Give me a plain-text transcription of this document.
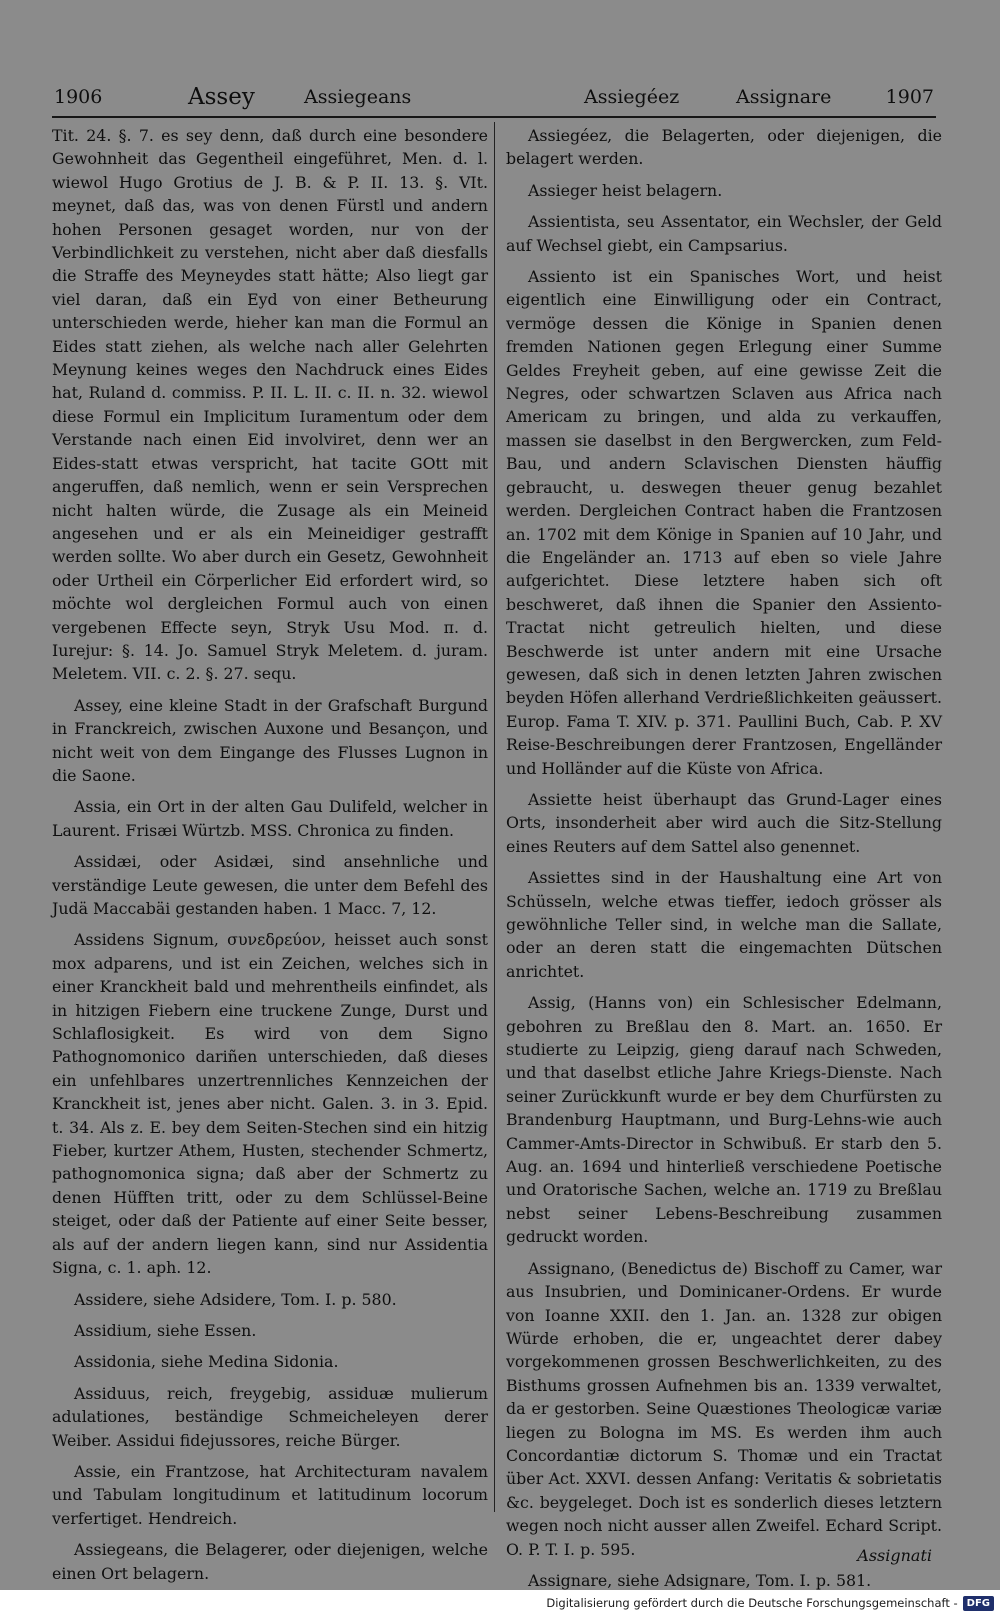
1906	Assey	Assiegeans	Assiegéez	Assignare	1907

Tit. 24. §. 7. es sey denn, daß durch eine besondere Gewohnheit das Gegentheil eingeführet, Men. d. l. wiewol Hugo Grotius de J. B. & P. II. 13. §. VIt. meynet, daß das, was von denen Fürstl und andern hohen Personen gesaget worden, nur von der Verbindlichkeit zu verstehen, nicht aber daß diesfalls die Straffe des Meyneydes statt hätte; Also liegt gar viel daran, daß ein Eyd von einer Betheurung unterschieden werde, hieher kan man die Formul an Eides statt ziehen, als welche nach aller Gelehrten Meynung keines weges den Nachdruck eines Eides hat, Ruland d. commiss. P. II. L. II. c. II. n. 32. wiewol diese Formul ein Implicitum Iuramentum oder dem Verstande nach einen Eid involviret, denn wer an Eides-statt etwas verspricht, hat tacite GOtt mit angeruffen, daß nemlich, wenn er sein Versprechen nicht halten würde, die Zusage als ein Meineid angesehen und er als ein Meineidiger gestrafft werden sollte. Wo aber durch ein Gesetz, Gewohnheit oder Urtheil ein Cörperlicher Eid erfordert wird, so möchte wol dergleichen Formul auch von einen vergebenen Effecte seyn, Stryk Usu Mod. π. d. Iurejur: §. 14. Jo. Samuel Stryk Meletem. d. juram. Meletem. VII. c. 2. §. 27. sequ.

Assey, eine kleine Stadt in der Grafschaft Burgund in Franckreich, zwischen Auxone und Besançon, und nicht weit von dem Eingange des Flusses Lugnon in die Saone.

Assia, ein Ort in der alten Gau Dulifeld, welcher in Laurent. Frisæi Würtzb. MSS. Chronica zu finden.

Assidæi, oder Asidæi, sind ansehnliche und verständige Leute gewesen, die unter dem Befehl des Judä Maccabäi gestanden haben. 1 Macc. 7, 12.

Assidens Signum, συνεδρεύον, heisset auch sonst mox adparens, und ist ein Zeichen, welches sich in einer Kranckheit bald und mehrentheils einfindet, als in hitzigen Fiebern eine truckene Zunge, Durst und Schlaflosigkeit. Es wird von dem Signo Pathognomonico dariñen unterschieden, daß dieses ein unfehlbares unzertrennliches Kennzeichen der Kranckheit ist, jenes aber nicht. Galen. 3. in 3. Epid. t. 34. Als z. E. bey dem Seiten-Stechen sind ein hitzig Fieber, kurtzer Athem, Husten, stechender Schmertz, pathognomonica signa; daß aber der Schmertz zu denen Hüfften tritt, oder zu dem Schlüssel-Beine steiget, oder daß der Patiente auf einer Seite besser, als auf der andern liegen kann, sind nur Assidentia Signa, c. 1. aph. 12.

Assidere, siehe Adsidere, Tom. I. p. 580.

Assidium, siehe Essen.

Assidonia, siehe Medina Sidonia.

Assiduus, reich, freygebig, assiduæ mulierum adulationes, beständige Schmeicheleyen derer Weiber. Assidui fidejussores, reiche Bürger.

Assie, ein Frantzose, hat Architecturam navalem und Tabulam longitudinum et latitudinum locorum verfertiget. Hendreich.

Assiegeans, die Belagerer, oder diejenigen, welche einen Ort belagern.

Assiegéez, die Belagerten, oder diejenigen, die belagert werden.

Assieger heist belagern.

Assientista, seu Assentator, ein Wechsler, der Geld auf Wechsel giebt, ein Campsarius.

Assiento ist ein Spanisches Wort, und heist eigentlich eine Einwilligung oder ein Contract, vermöge dessen die Könige in Spanien denen fremden Nationen gegen Erlegung einer Summe Geldes Freyheit geben, auf eine gewisse Zeit die Negres, oder schwartzen Sclaven aus Africa nach Americam zu bringen, und alda zu verkauffen, massen sie daselbst in den Bergwercken, zum Feld-Bau, und andern Sclavischen Diensten häuffig gebraucht, u. deswegen theuer genug bezahlet werden. Dergleichen Contract haben die Frantzosen an. 1702 mit dem Könige in Spanien auf 10 Jahr, und die Engeländer an. 1713 auf eben so viele Jahre aufgerichtet. Diese letztere haben sich oft beschweret, daß ihnen die Spanier den Assiento-Tractat nicht getreulich hielten, und diese Beschwerde ist unter andern mit eine Ursache gewesen, daß sich in denen letzten Jahren zwischen beyden Höfen allerhand Verdrießlichkeiten geäussert. Europ. Fama T. XIV. p. 371. Paullini Buch, Cab. P. XV Reise-Beschreibungen derer Frantzosen, Engelländer und Holländer auf die Küste von Africa.

Assiette heist überhaupt das Grund-Lager eines Orts, insonderheit aber wird auch die Sitz-Stellung eines Reuters auf dem Sattel also genennet.

Assiettes sind in der Haushaltung eine Art von Schüsseln, welche etwas tieffer, iedoch grösser als gewöhnliche Teller sind, in welche man die Sallate, oder an deren statt die eingemachten Dütschen anrichtet.

Assig, (Hanns von) ein Schlesischer Edelmann, gebohren zu Breßlau den 8. Mart. an. 1650. Er studierte zu Leipzig, gieng darauf nach Schweden, und that daselbst etliche Jahre Kriegs-Dienste. Nach seiner Zurückkunft wurde er bey dem Churfürsten zu Brandenburg Hauptmann, und Burg-Lehns-wie auch Cammer-Amts-Director in Schwibuß. Er starb den 5. Aug. an. 1694 und hinterließ verschiedene Poetische und Oratorische Sachen, welche an. 1719 zu Breßlau nebst seiner Lebens-Beschreibung zusammen gedruckt worden.

Assignano, (Benedictus de) Bischoff zu Camer, war aus Insubrien, und Dominicaner-Ordens. Er wurde von Ioanne XXII. den 1. Jan. an. 1328 zur obigen Würde erhoben, die er, ungeachtet derer dabey vorgekommenen grossen Beschwerlichkeiten, zu des Bisthums grossen Aufnehmen bis an. 1339 verwaltet, da er gestorben. Seine Quæstiones Theologicæ variæ liegen zu Bologna im MS. Es werden ihm auch Concordantiæ dictorum S. Thomæ und ein Tractat über Act. XXVI. dessen Anfang: Veritatis & sobrietatis &c. beygeleget. Doch ist es sonderlich dieses letztern wegen noch nicht ausser allen Zweifel. Echard Script. O. P. T. I. p. 595.

Assignare, siehe Adsignare, Tom. I. p. 581.

Assignati
Digitalisierung gefördert durch die Deutsche Forschungsgemeinschaft - DFG
